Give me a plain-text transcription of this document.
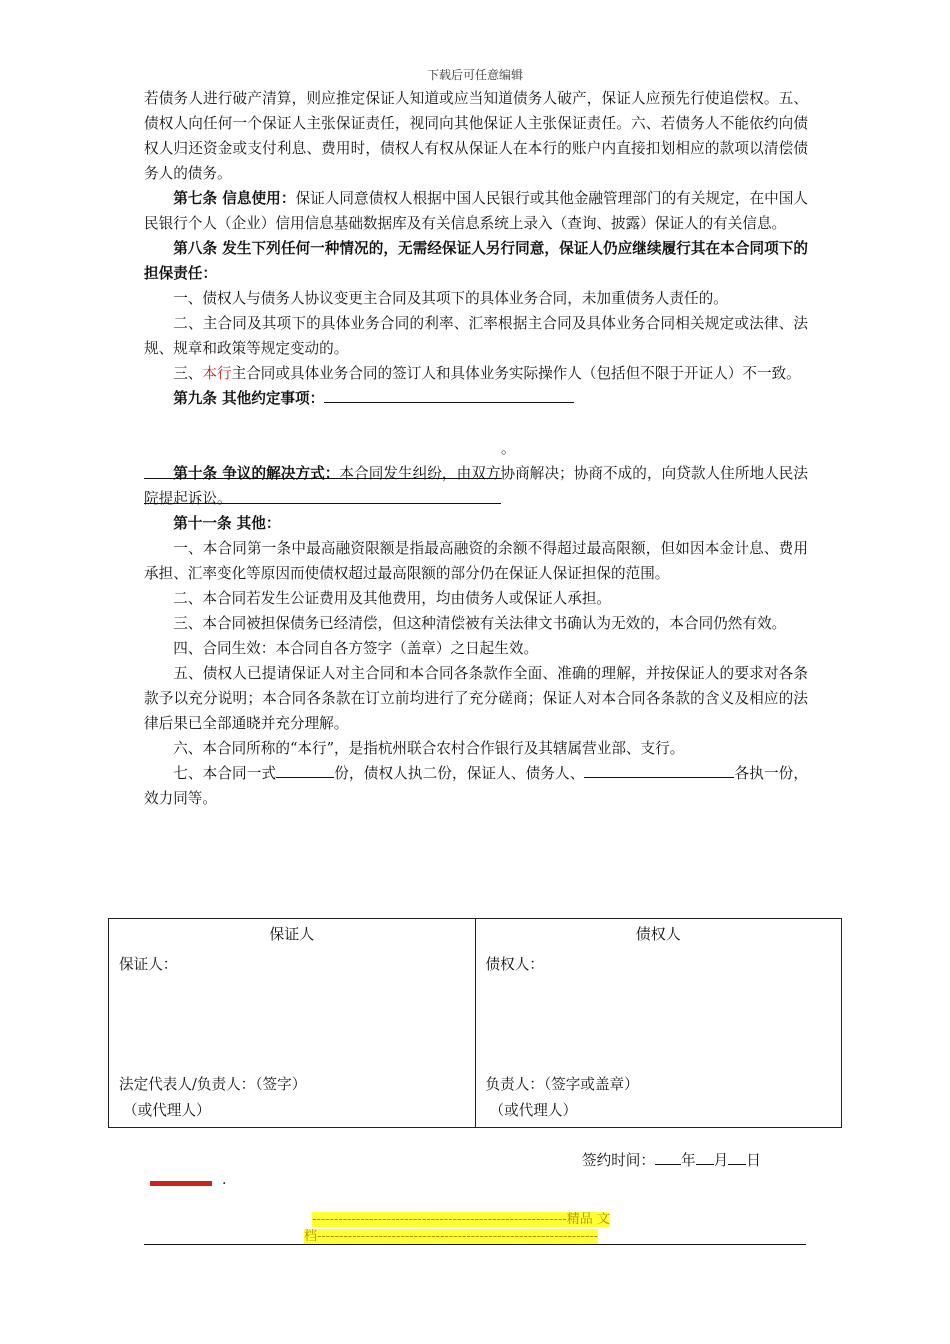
下载后可任意编辑

若债务人进行破产清算，则应推定保证人知道或应当知道债务人破产，保证人应预先行使追偿权。五、债权人向任何一个保证人主张保证责任，视同向其他保证人主张保证责任。六、若债务人不能依约向债权人归还资金或支付利息、费用时，债权人有权从保证人在本行的账户内直接扣划相应的款项以清偿债务人的债务。

第七条 信息使用：保证人同意债权人根据中国人民银行或其他金融管理部门的有关规定，在中国人民银行个人（企业）信用信息基础数据库及有关信息系统上录入（查询、披露）保证人的有关信息。

第八条 发生下列任何一种情况的，无需经保证人另行同意，保证人仍应继续履行其在本合同项下的担保责任：

一、债权人与债务人协议变更主合同及其项下的具体业务合同，未加重债务人责任的。

二、主合同及其项下的具体业务合同的利率、汇率根据主合同及具体业务合同相关规定或法律、法规、规章和政策等规定变动的。

三、本行主合同或具体业务合同的签订人和具体业务实际操作人（包括但不限于开证人）不一致。

第九条 其他约定事项：

。

第十条 争议的解决方式：本合同发生纠纷，由双方协商解决；协商不成的，向贷款人住所地人民法院提起诉讼。

第十一条 其他：

一、本合同第一条中最高融资限额是指最高融资的余额不得超过最高限额，但如因本金计息、费用承担、汇率变化等原因而使债权超过最高限额的部分仍在保证人保证担保的范围。

二、本合同若发生公证费用及其他费用，均由债务人或保证人承担。

三、本合同被担保债务已经清偿，但这种清偿被有关法律文书确认为无效的，本合同仍然有效。

四、合同生效：本合同自各方签字（盖章）之日起生效。

五、债权人已提请保证人对主合同和本合同各条款作全面、准确的理解，并按保证人的要求对各条款予以充分说明；本合同各条款在订立前均进行了充分磋商；保证人对本合同各条款的含义及相应的法律后果已全部通晓并充分理解。

六、本合同所称的“本行”，是指杭州联合农村合作银行及其辖属营业部、支行。

七、本合同一式	份，债权人执二份，保证人、债务人、	各执一份，效力同等。

保证人
保证人：
法定代表人/负责人：（签字）
（或代理人）

债权人
债权人：
负责人：（签字或盖章）
（或代理人）
签约时间： 年 月 日
.
----------------------------------------------------------精品 文
档----------------------------------------------------------------
